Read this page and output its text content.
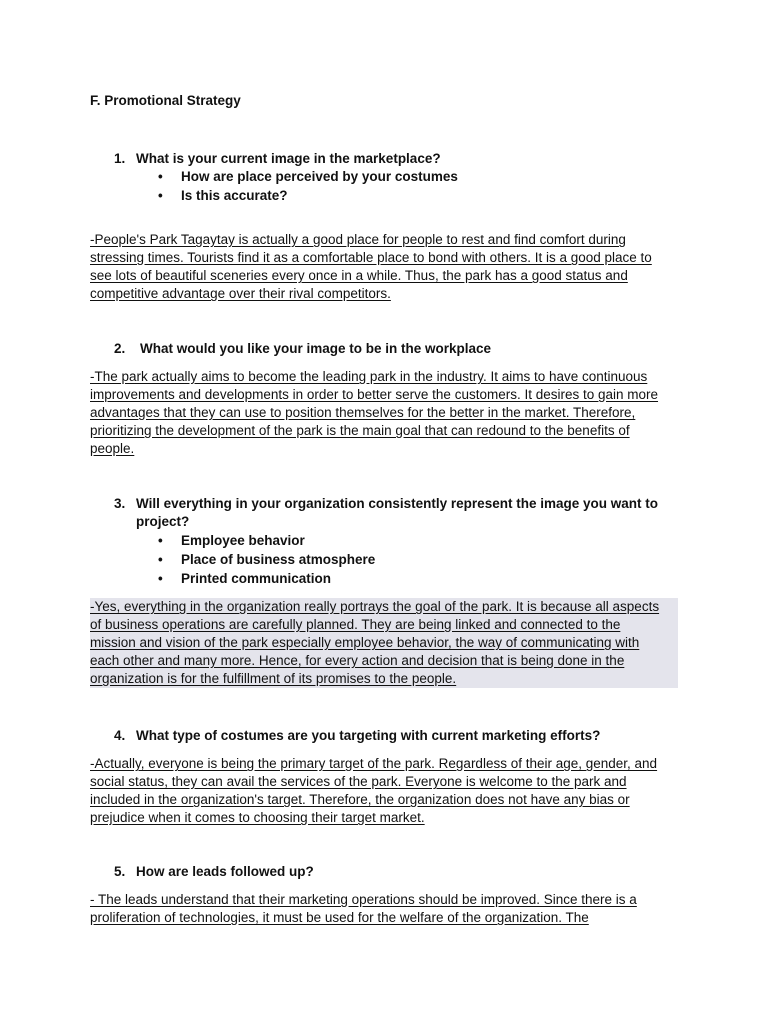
F. Promotional Strategy
1. What is your current image in the marketplace?
• How are place perceived by your costumes
• Is this accurate?
-People's Park Tagaytay is actually a good place for people to rest and find comfort during
stressing times. Tourists find it as a comfortable place to bond with others. It is a good place to
see lots of beautiful sceneries every once in a while. Thus, the park has a good status and
competitive advantage over their rival competitors.
2. What would you like your image to be in the workplace
-The park actually aims to become the leading park in the industry. It aims to have continuous
improvements and developments in order to better serve the customers. It desires to gain more
advantages that they can use to position themselves for the better in the market. Therefore,
prioritizing the development of the park is the main goal that can redound to the benefits of
people.
3. Will everything in your organization consistently represent the image you want to
project?
• Employee behavior
• Place of business atmosphere
• Printed communication
-Yes, everything in the organization really portrays the goal of the park. It is because all aspects
of business operations are carefully planned. They are being linked and connected to the
mission and vision of the park especially employee behavior, the way of communicating with
each other and many more. Hence, for every action and decision that is being done in the
organization is for the fulfillment of its promises to the people.
4. What type of costumes are you targeting with current marketing efforts?
-Actually, everyone is being the primary target of the park. Regardless of their age, gender, and
social status, they can avail the services of the park. Everyone is welcome to the park and
included in the organization's target. Therefore, the organization does not have any bias or
prejudice when it comes to choosing their target market.
5. How are leads followed up?
- The leads understand that their marketing operations should be improved. Since there is a
proliferation of technologies, it must be used for the welfare of the organization. The
